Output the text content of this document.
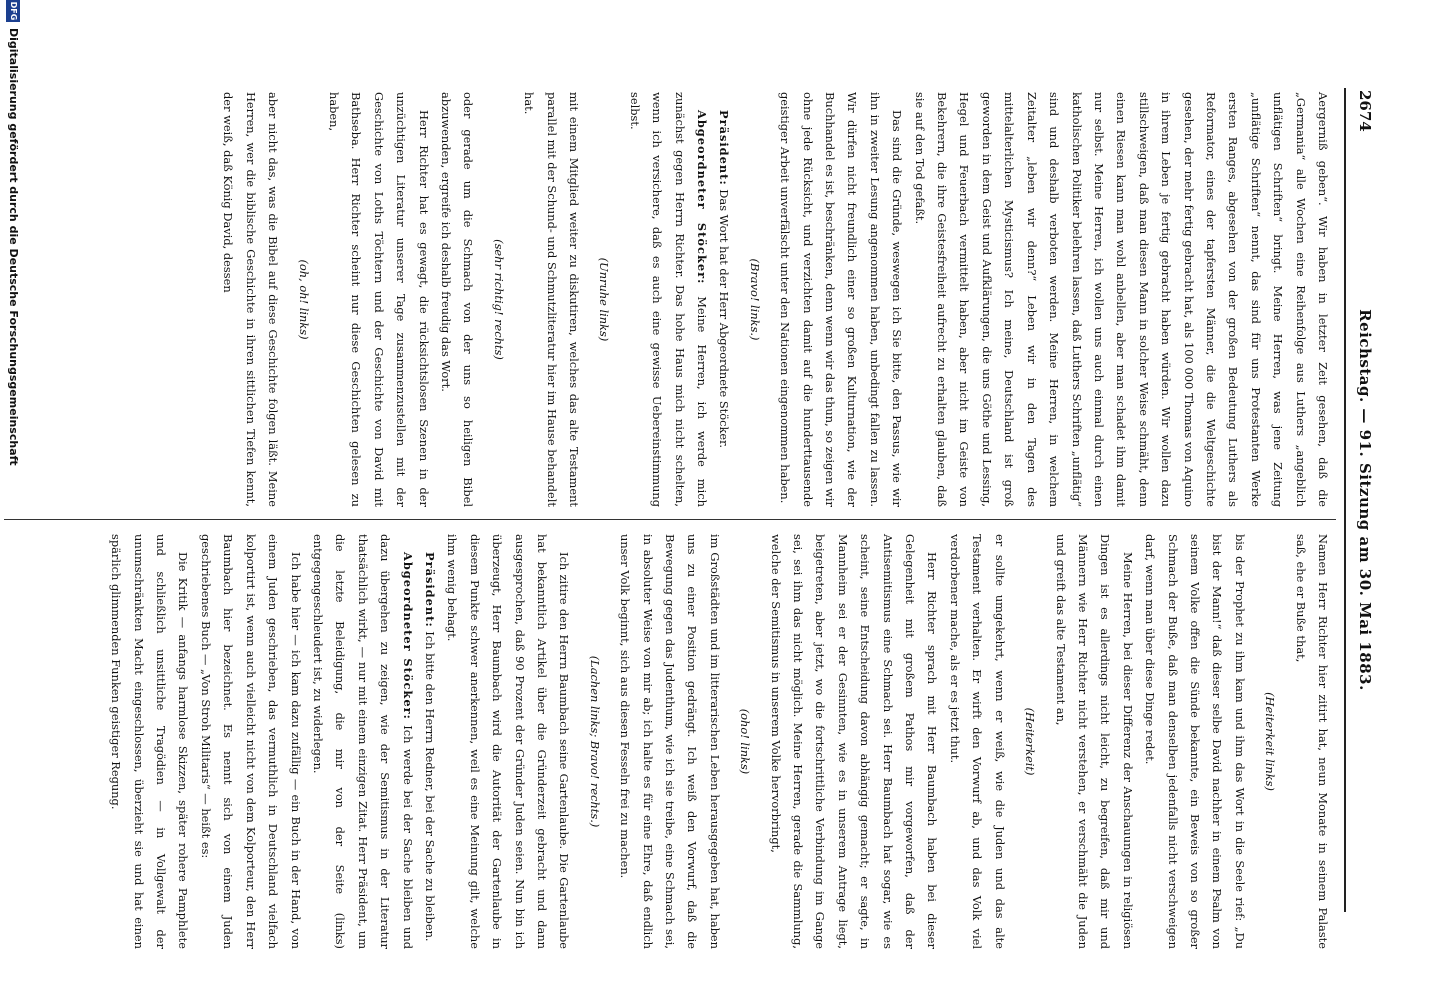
2674
Reichstag. — 91. Sitzung am 30. Mai 1883.

Aergerniß geben“. Wir haben in letzter Zeit gesehen, daß die „Germania“ alle Wochen eine Reihenfolge aus Luthers „angeblich unflätigen Schriften“ bringt. Meine Herren, was jene Zeitung „unflätige Schriften“ nennt, das sind für uns Protestanten Werke ersten Ranges, abgesehen von der großen Bedeutung Luthers als Reformator, eines der tapfersten Männer, die die Weltgeschichte gesehen, der mehr fertig gebracht hat, als 100 000 Thomas von Aquino in ihrem Leben je fertig gebracht haben würden. Wir wollen dazu stillschweigen, daß man diesen Mann in solcher Weise schmäht, denn einen Riesen kann man wohl anbellen, aber man schadet ihm damit nur selbst. Meine Herren, ich wollen uns auch einmal durch einen katholischen Politiker belehren lassen, daß Luthers Schriften „unflätig“ sind und deshalb verboten werden. Meine Herren, in welchem Zeitalter „leben wir denn?“ Leben wir in den Tagen des mittelalterlichen Mysticismus? Ich meine, Deutschland ist groß geworden in dem Geist und Aufklärungen, die uns Göthe und Lessing, Hegel und Feuerbach vermittelt haben, aber nicht im Geiste von Bekehrern, die ihre Geistesfreiheit aufrecht zu erhalten glauben, daß sie auf den Tod gefaßt.

Das sind die Gründe, weswegen ich Sie bitte, den Passus, wie wir ihn in zweiter Lesung angenommen haben, unbedingt fallen zu lassen. Wir dürfen nicht freundlich einer so großen Kulturnation, wie der Buchhandel es ist, beschränken, denn wenn wir das thun, so zeigen wir ohne jede Rücksicht, und verzichten damit auf die hunderttausende geistiger Arbeit unverfälscht unter den Nationen eingenommen haben.

(Bravo! links.)

Präsident: Das Wort hat der Herr Abgeordnete Stöcker.

Abgeordneter Stöcker: Meine Herren, ich werde mich zunächst gegen Herrn Richter. Das hohe Haus mich nicht schelten, wenn ich versichere, daß es auch eine gewisse Uebereinstimmung selbst.

(Unruhe links)

mit einem Mitglied weiter zu diskutiren, welches das alte Testament parallel mit der Schund- und Schmutzliteratur hier im Hause behandelt hat.

(sehr richtig! rechts)

oder gerade um die Schmach von der uns so heiligen Bibel abzuwenden, ergreife ich deshalb freudig das Wort.

Herr Richter hat es gewagt, die rücksichtslosen Szenen in der unzüchtigen Literatur unserer Tage zusammenzustellen mit der Geschichte von Loths Töchtern und der Geschichte von David mit Bathseba. Herr Richter scheint nur diese Geschichten gelesen zu haben,

(oh, oh! links)

aber nicht das, was die Bibel auf diese Geschichte folgen läßt. Meine Herren, wer die biblische Geschichte in ihren sittlichen Tiefen kennt, der weiß, daß König David, dessen

Namen Herr Richter hier zitirt hat, neun Monate in seinem Palaste saß, ehe er Buße that,

(Heiterkeit links)

bis der Prophet zu ihm kam und ihm das Wort in die Seele rief: „Du bist der Mann!“ daß dieser selbe David nachher in einem Psalm von seinem Volke offen die Sünde bekannte, ein Beweis von so großer Schmach der Buße, daß man denselben jedenfalls nicht verschweigen darf, wenn man über diese Dinge redet.

Meine Herren, bei dieser Differenz der Anschauungen in religiösen Dingen ist es allerdings nicht leicht, zu begreifen, daß mir und Männern wie Herr Richter nicht verstehen, er verschmäht die Juden und greift das alte Testament an,

(Heiterkeit)

er sollte umgekehrt, wenn er weiß, wie die Juden und das alte Testament verhalten. Er wirft den Vorwurf ab, und das Volk viel verdorbener mache, als er es jetzt thut.

Herr Richter sprach mit Herr Baumbach haben bei dieser Gelegenheit mit großem Pathos mir vorgeworfen, daß der Antisemitismus eine Schmach sei. Herr Baumbach hat sogar, wie es scheint, seine Entscheidung davon abhängig gemacht; er sagte, in Mannheim sei er der Gesinnten, wie es in unserem Antrage liegt, beigetreten, aber jetzt, wo die fortschrittliche Verbindung im Gange sei, sei ihm das nicht möglich. Meine Herren, gerade die Sammlung, welche der Semitismus in unserem Volke hervorbringt,

(oho! links)

im Großstädten und im litterarischen Leben herausgegeben hat, haben uns zu einer Position gedrängt. Ich weiß den Vorwurf, daß die Bewegung gegen das Judenthum, wie ich sie treibe, eine Schmach sei, in absoluter Weise von mir ab; ich halte es für eine Ehre, daß endlich unser Volk beginnt, sich aus diesen Fesseln frei zu machen.

(Lachen links; Bravo! rechts.)

Ich zitire den Herrn Baumbach seine Gartenlaube. Die Gartenlaube hat bekanntlich Artikel über die Gründerzeit gebracht und dann ausgesprochen, daß 90 Prozent der Gründer Juden seien. Nun bin ich überzeugt, Herr Baumbach wird die Autorität der Gartenlaube in diesem Punkte schwer anerkennen, weil es eine Meinung gilt, welche ihm wenig behagt.

Präsident: Ich bitte den Herrn Redner, bei der Sache zu bleiben.

Abgeordneter Stöcker: Ich werde bei der Sache bleiben und dazu übergehen zu zeigen, wie der Semitismus in der Literatur thatsächlich wirkt, — nur mit einem einzigen Zitat. Herr Präsident, um die letzte Beleidigung, die mir von der Seite (links) entgegengeschleudert ist, zu widerlegen.

Ich habe hier — ich kam dazu zufällig — ein Buch in der Hand, von einem Juden geschrieben, das vermuthlich in Deutschland vielfach kolportirt ist, wenn auch vielleicht nicht von dem Kolporteur, den Herr Baumbach hier bezeichnet. Es nennt sich von einem Juden geschriebenes Buch — „Von Stroh Militaris“ — heißt es:

Die Kritik — anfangs harmlose Skizzen, später rohere Pamphlete und schließlich unsittliche Tragödien — in Vollgewalt der unumschränkten Macht eingeschlossen, überzieht sie und hat einen spärlich glimmenden Funken geistiger Regung.

DFG
Digitalisierung gefördert durch die Deutsche Forschungsgemeinschaft
